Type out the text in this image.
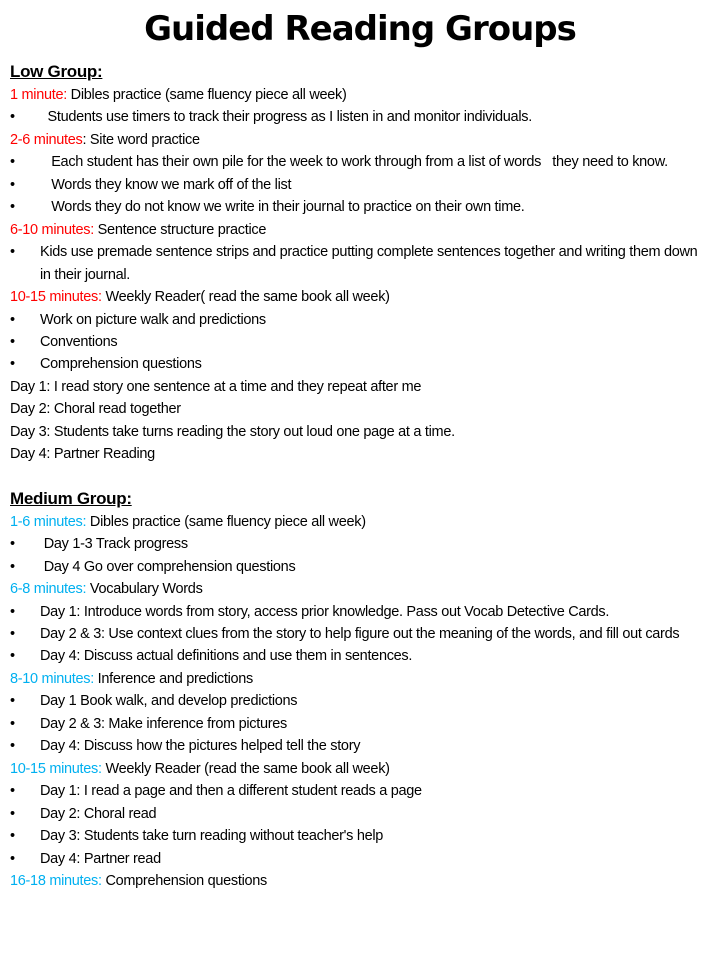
Guided Reading Groups
Low Group:
1 minute: Dibles practice (same fluency piece all week)
• Students use timers to track their progress as I listen in and monitor individuals.
2-6 minutes: Site word practice
• Each student has their own pile for the week to work through from a list of words   they need to know.
• Words they know we mark off of the list
• Words they do not know we write in their journal to practice on their own time.
6-10 minutes: Sentence structure practice
• Kids use premade sentence strips and practice putting complete sentences together and writing them down in their journal.
10-15 minutes: Weekly Reader( read the same book all week)
• Work on picture walk and predictions
• Conventions
• Comprehension questions
Day 1: I read story one sentence at a time and they repeat after me
Day 2: Choral read together
Day 3: Students take turns reading the story out loud one page at a time.
Day 4: Partner Reading
Medium Group:
1-6 minutes: Dibles practice (same fluency piece all week)
• Day 1-3 Track progress
• Day 4 Go over comprehension questions
6-8 minutes: Vocabulary Words
• Day 1: Introduce words from story, access prior knowledge. Pass out Vocab Detective Cards.
• Day 2 & 3: Use context clues from the story to help figure out the meaning of the words, and fill out cards
• Day 4: Discuss actual definitions and use them in sentences.
8-10 minutes: Inference and predictions
• Day 1 Book walk, and develop predictions
• Day 2 & 3: Make inference from pictures
• Day 4: Discuss how the pictures helped tell the story
10-15 minutes: Weekly Reader (read the same book all week)
• Day 1: I read a page and then a different student reads a page
• Day 2: Choral read
• Day 3: Students take turn reading without teacher's help
• Day 4: Partner read
16-18 minutes: Comprehension questions
